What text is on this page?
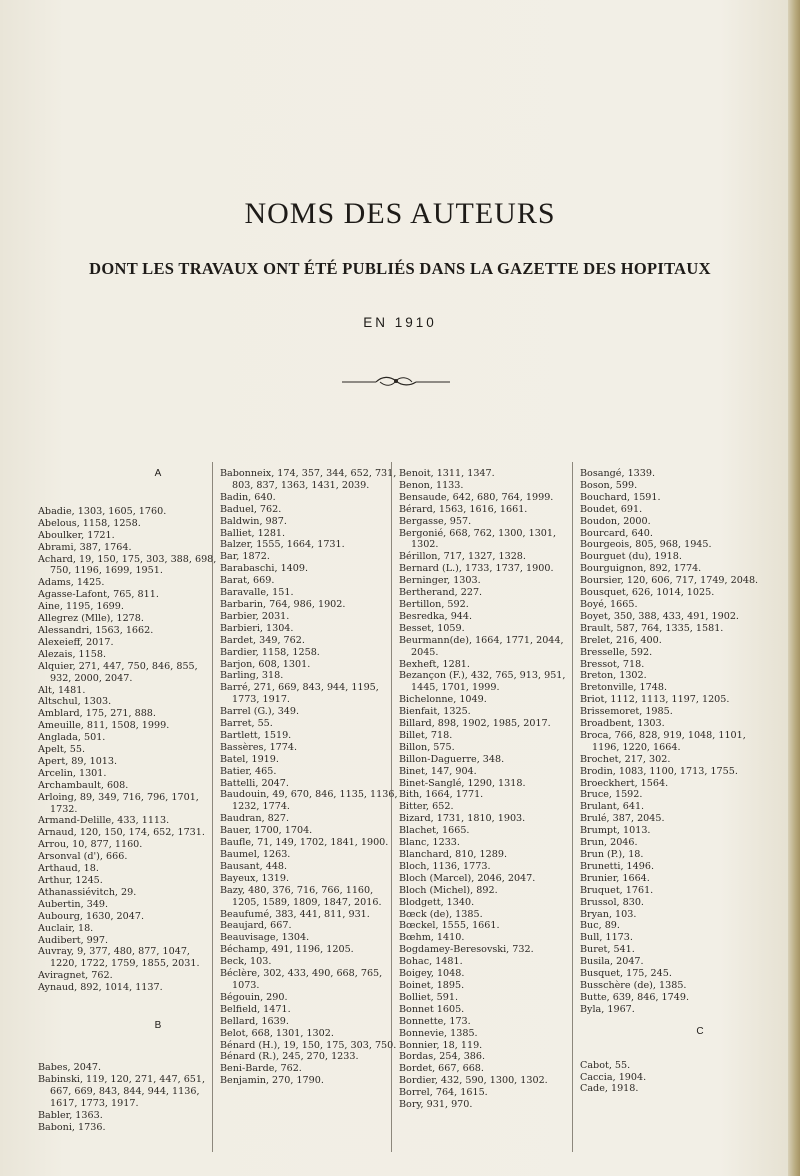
NOMS DES AUTEURS
DONT LES TRAVAUX ONT ÉTÉ PUBLIÉS DANS LA GAZETTE DES HOPITAUX
EN 1910
A
Abadie, 1303, 1605, 1760.
Abelous, 1158, 1258.
Aboulker, 1721.
Abrami, 387, 1764.
Achard, 19, 150, 175, 303, 388, 698, 750, 1196, 1699, 1951.
Adams, 1425.
Agasse-Lafont, 765, 811.
Aine, 1195, 1699.
Allegrez (Mlle), 1278.
Alessandri, 1563, 1662.
Alexeieff, 2017.
Alezais, 1158.
Alquier, 271, 447, 750, 846, 855, 932, 2000, 2047.
Alt, 1481.
Altschul, 1303.
Amblard, 175, 271, 888.
Ameuille, 811, 1508, 1999.
Anglada, 501.
Apelt, 55.
Apert, 89, 1013.
Arcelin, 1301.
Archambault, 608.
Arloing, 89, 349, 716, 796, 1701, 1732.
Armand-Delille, 433, 1113.
Arnaud, 120, 150, 174, 652, 1731.
Arrou, 10, 877, 1160.
Arsonval (d'), 666.
Arthaud, 18.
Arthur, 1245.
Athanassiévitch, 29.
Aubertin, 349.
Aubourg, 1630, 2047.
Auclair, 18.
Audibert, 997.
Auvray, 9, 377, 480, 877, 1047, 1220, 1722, 1759, 1855, 2031.
Aviragnet, 762.
Aynaud, 892, 1014, 1137.
B
Babes, 2047.
Babinski, 119, 120, 271, 447, 651, 667, 669, 843, 844, 944, 1136, 1617, 1773, 1917.
Babler, 1363.
Baboni, 1736.
Babonneix, 174, 357, 344, 652, 731, 803, 837, 1363, 1431, 2039.
Badin, 640.
Baduel, 762.
Baldwin, 987.
Balliet, 1281.
Balzer, 1555, 1664, 1731.
Bar, 1872.
Barabaschi, 1409.
Barat, 669.
Baravalle, 151.
Barbarin, 764, 986, 1902.
Barbier, 2031.
Barbieri, 1304.
Bardet, 349, 762.
Bardier, 1158, 1258.
Barjon, 608, 1301.
Barling, 318.
Barré, 271, 669, 843, 944, 1195, 1773, 1917.
Barrel (G.), 349.
Barret, 55.
Bartlett, 1519.
Bassères, 1774.
Batel, 1919.
Batier, 465.
Battelli, 2047.
Baudouin, 49, 670, 846, 1135, 1136, 1232, 1774.
Baudran, 827.
Bauer, 1700, 1704.
Baufle, 71, 149, 1702, 1841, 1900.
Baumel, 1263.
Bausant, 448.
Bayeux, 1319.
Bazy, 480, 376, 716, 766, 1160, 1205, 1589, 1809, 1847, 2016.
Beaufumé, 383, 441, 811, 931.
Beaujard, 667.
Beauvisage, 1304.
Béchamp, 491, 1196, 1205.
Beck, 103.
Béclère, 302, 433, 490, 668, 765, 1073.
Bégouin, 290.
Belfield, 1471.
Bellard, 1639.
Belot, 668, 1301, 1302.
Bénard (H.), 19, 150, 175, 303, 750.
Bénard (R.), 245, 270, 1233.
Beni-Barde, 762.
Benjamin, 270, 1790.
Benoit, 1311, 1347.
Benon, 1133.
Bensaude, 642, 680, 764, 1999.
Bérard, 1563, 1616, 1661.
Bergasse, 957.
Bergonié, 668, 762, 1300, 1301, 1302.
Bérillon, 717, 1327, 1328.
Bernard (L.), 1733, 1737, 1900.
Berninger, 1303.
Bertherand, 227.
Bertillon, 592.
Besredka, 944.
Besset, 1059.
Beurmann(de), 1664, 1771, 2044, 2045.
Bexheft, 1281.
Bezançon (F.), 432, 765, 913, 951, 1445, 1701, 1999.
Bichelonne, 1049.
Bienfait, 1325.
Billard, 898, 1902, 1985, 2017.
Billet, 718.
Billon, 575.
Billon-Daguerre, 348.
Binet, 147, 904.
Binet-Sanglé, 1290, 1318.
Bith, 1664, 1771.
Bitter, 652.
Bizard, 1731, 1810, 1903.
Blachet, 1665.
Blanc, 1233.
Blanchard, 810, 1289.
Bloch, 1136, 1773.
Bloch (Marcel), 2046, 2047.
Bloch (Michel), 892.
Blodgett, 1340.
Bœck (de), 1385.
Bœckel, 1555, 1661.
Bœhm, 1410.
Bogdamey-Beresovski, 732.
Bohac, 1481.
Boigey, 1048.
Boinet, 1895.
Bolliet, 591.
Bonnet 1605.
Bonnette, 173.
Bonnevie, 1385.
Bonnier, 18, 119.
Bordas, 254, 386.
Bordet, 667, 668.
Bordier, 432, 590, 1300, 1302.
Borrel, 764, 1615.
Bory, 931, 970.
Bosangé, 1339.
Boson, 599.
Bouchard, 1591.
Boudet, 691.
Boudon, 2000.
Bourcard, 640.
Bourgeois, 805, 968, 1945.
Bourguet (du), 1918.
Bourguignon, 892, 1774.
Boursier, 120, 606, 717, 1749, 2048.
Bousquet, 626, 1014, 1025.
Boyé, 1665.
Boyet, 350, 388, 433, 491, 1902.
Brault, 587, 764, 1335, 1581.
Brelet, 216, 400.
Bresselle, 592.
Bressot, 718.
Breton, 1302.
Bretonville, 1748.
Briot, 1112, 1113, 1197, 1205.
Brissemoret, 1985.
Broadbent, 1303.
Broca, 766, 828, 919, 1048, 1101, 1196, 1220, 1664.
Brochet, 217, 302.
Brodin, 1083, 1100, 1713, 1755.
Broeckhert, 1564.
Bruce, 1592.
Brulant, 641.
Brulé, 387, 2045.
Brumpt, 1013.
Brun, 2046.
Brun (P.), 18.
Brunetti, 1496.
Brunier, 1664.
Bruquet, 1761.
Brussol, 830.
Bryan, 103.
Buc, 89.
Bull, 1173.
Buret, 541.
Busila, 2047.
Busquet, 175, 245.
Busschère (de), 1385.
Butte, 639, 846, 1749.
Byla, 1967.
C
Cabot, 55.
Caccia, 1904.
Cade, 1918.
